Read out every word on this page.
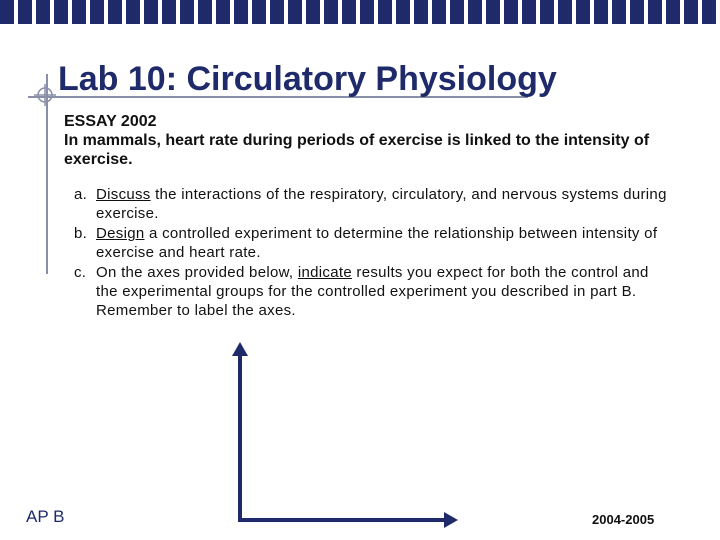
Lab 10: Circulatory Physiology
ESSAY 2002
In mammals, heart rate during periods of exercise is linked to the intensity of exercise.
a. Discuss the interactions of the respiratory, circulatory, and nervous systems during exercise.
b. Design a controlled experiment to determine the relationship between intensity of exercise and heart rate.
c. On the axes provided below, indicate results you expect for both the control and the experimental groups for the controlled experiment you described in part B. Remember to label the axes.
AP B	2004-2005
